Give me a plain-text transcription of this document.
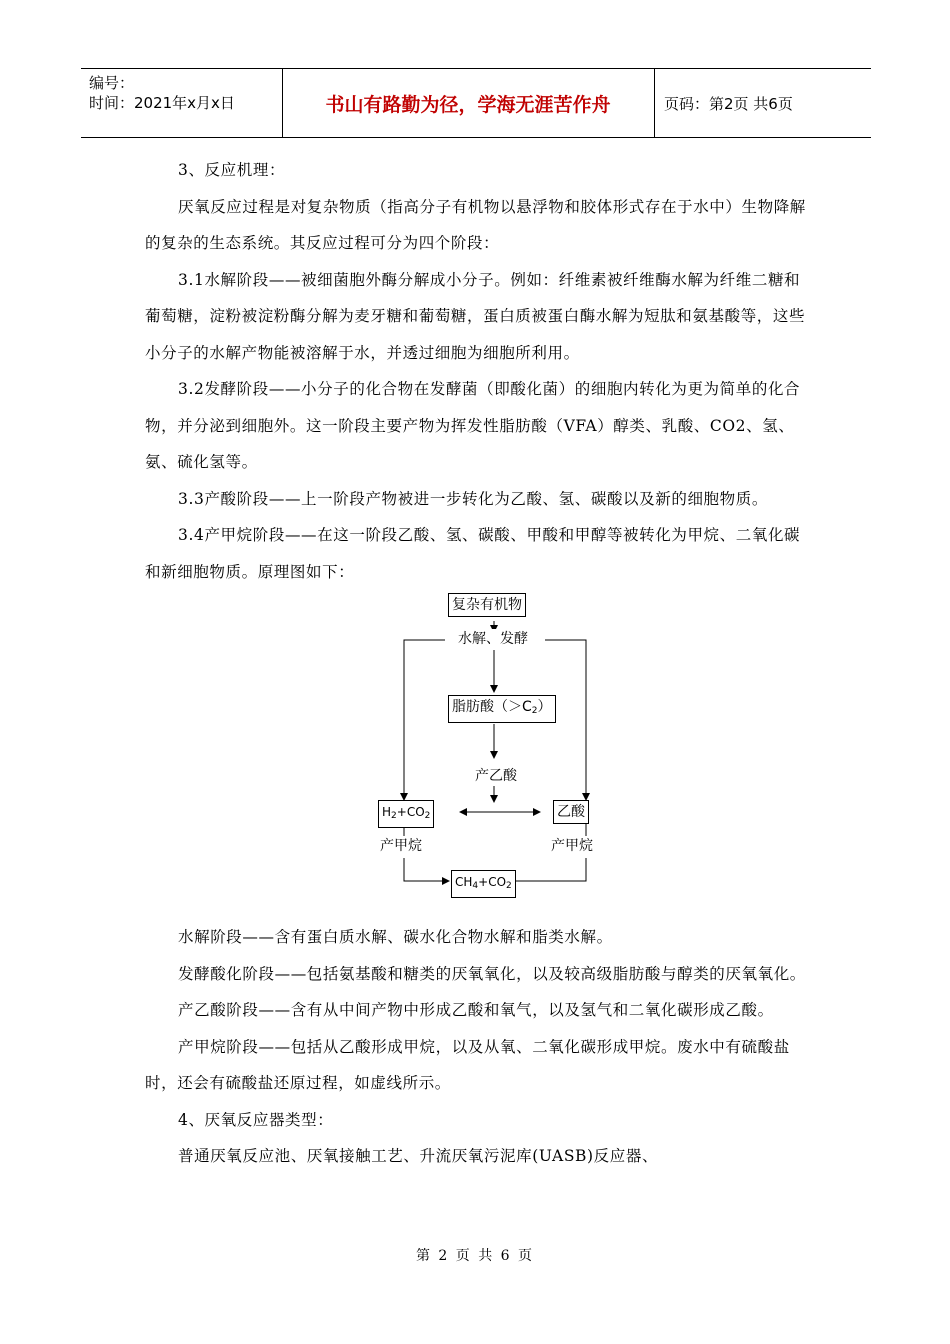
编号：
时间：2021年x月x日	书山有路勤为径，学海无涯苦作舟	页码：第2页 共6页

3、反应机理：

厌氧反应过程是对复杂物质（指高分子有机物以悬浮物和胶体形式存在于水中）生物降解的复杂的生态系统。其反应过程可分为四个阶段：

3.1水解阶段——被细菌胞外酶分解成小分子。例如：纤维素被纤维酶水解为纤维二糖和葡萄糖，淀粉被淀粉酶分解为麦牙糖和葡萄糖，蛋白质被蛋白酶水解为短肽和氨基酸等，这些小分子的水解产物能被溶解于水，并透过细胞为细胞所利用。

3.2发酵阶段——小分子的化合物在发酵菌（即酸化菌）的细胞内转化为更为简单的化合物，并分泌到细胞外。这一阶段主要产物为挥发性脂肪酸（VFA）醇类、乳酸、CO2、氢、氨、硫化氢等。

3.3产酸阶段——上一阶段产物被进一步转化为乙酸、氢、碳酸以及新的细胞物质。

3.4产甲烷阶段——在这一阶段乙酸、氢、碳酸、甲酸和甲醇等被转化为甲烷、二氧化碳和新细胞物质。原理图如下：

复杂有机物
水解、发酵
脂肪酸$(>C_2)$
产乙酸
$H_2+CO_2$	乙酸
产甲烷	产甲烷
$CH_4+CO_2$

水解阶段——含有蛋白质水解、碳水化合物水解和脂类水解。

发酵酸化阶段——包括氨基酸和糖类的厌氧氧化，以及较高级脂肪酸与醇类的厌氧氧化。

产乙酸阶段——含有从中间产物中形成乙酸和氧气，以及氢气和二氧化碳形成乙酸。

产甲烷阶段——包括从乙酸形成甲烷，以及从氧、二氧化碳形成甲烷。废水中有硫酸盐时，还会有硫酸盐还原过程，如虚线所示。

4、厌氧反应器类型：

普通厌氧反应池、厌氧接触工艺、升流厌氧污泥库(UASB)反应器、

第 2 页 共 6 页
